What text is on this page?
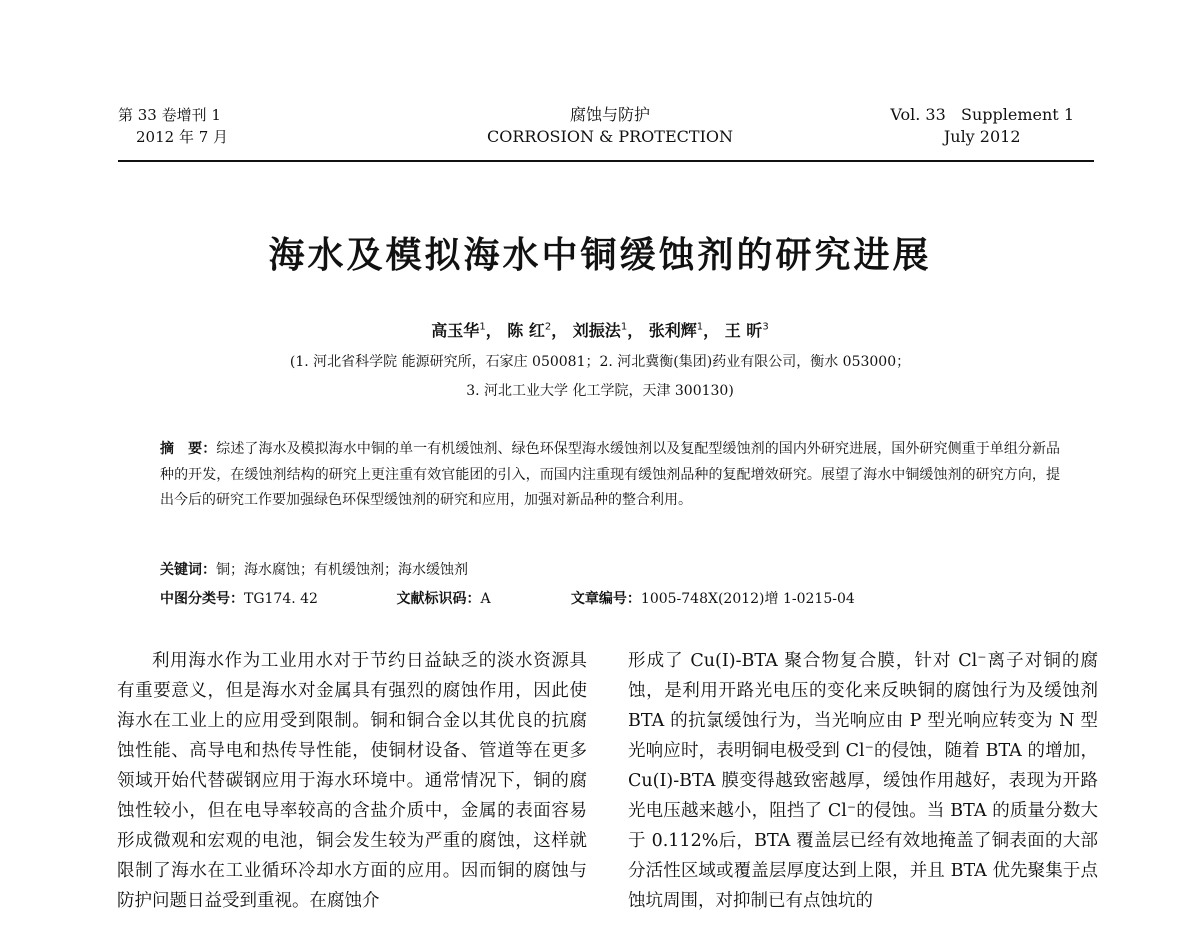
第 33 卷增刊 1
2012 年 7 月
腐蚀与防护
CORROSION & PROTECTION
Vol. 33   Supplement 1
July 2012
海水及模拟海水中铜缓蚀剂的研究进展
高玉华$^1$， 陈 红$^2$， 刘振法$^1$， 张利辉$^1$， 王 昕$^3$
(1. 河北省科学院 能源研究所，石家庄 050081；2. 河北冀衡(集团)药业有限公司，衡水 053000；
3. 河北工业大学 化工学院，天津 300130)
摘　要：综述了海水及模拟海水中铜的单一有机缓蚀剂、绿色环保型海水缓蚀剂以及复配型缓蚀剂的国内外研究进展，国外研究侧重于单组分新品种的开发，在缓蚀剂结构的研究上更注重有效官能团的引入，而国内注重现有缓蚀剂品种的复配增效研究。展望了海水中铜缓蚀剂的研究方向，提出今后的研究工作要加强绿色环保型缓蚀剂的研究和应用，加强对新品种的整合利用。
关键词：铜；海水腐蚀；有机缓蚀剂；海水缓蚀剂
中图分类号：TG174. 42	文献标识码：A	文章编号：1005-748X(2012)增 1-0215-04

利用海水作为工业用水对于节约日益缺乏的淡水资源具有重要意义，但是海水对金属具有强烈的腐蚀作用，因此使海水在工业上的应用受到限制。铜和铜合金以其优良的抗腐蚀性能、高导电和热传导性能，使铜材设备、管道等在更多领域开始代替碳钢应用于海水环境中。通常情况下，铜的腐蚀性较小，但在电导率较高的含盐介质中，金属的表面容易形成微观和宏观的电池，铜会发生较为严重的腐蚀，这样就限制了海水在工业循环冷却水方面的应用。因而铜的腐蚀与防护问题日益受到重视。在腐蚀介

形成了 Cu(I)-BTA 聚合物复合膜，针对 Cl⁻离子对铜的腐蚀，是利用开路光电压的变化来反映铜的腐蚀行为及缓蚀剂 BTA 的抗氯缓蚀行为，当光响应由 P 型光响应转变为 N 型光响应时，表明铜电极受到 Cl⁻的侵蚀，随着 BTA 的增加，Cu(I)-BTA 膜变得越致密越厚，缓蚀作用越好，表现为开路光电压越来越小，阻挡了 Cl⁻的侵蚀。当 BTA 的质量分数大于 0.112%后，BTA 覆盖层已经有效地掩盖了铜表面的大部分活性区域或覆盖层厚度达到上限，并且 BTA 优先聚集于点蚀坑周围，对抑制已有点蚀坑的
